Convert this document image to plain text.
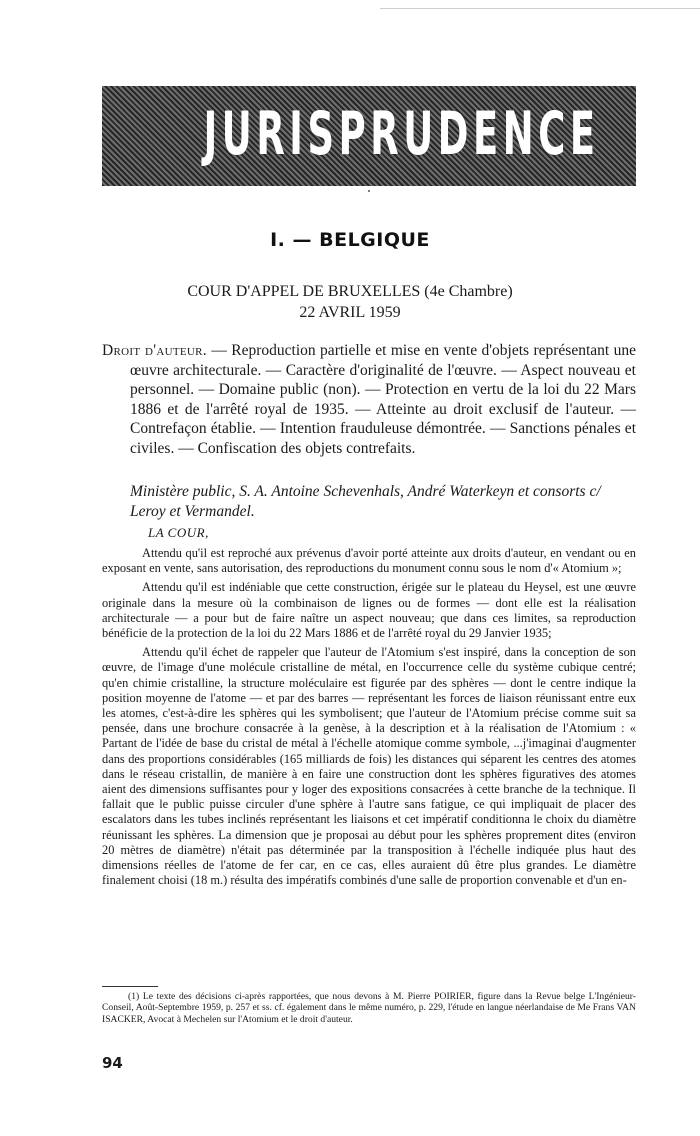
JURISPRUDENCE
I. — BELGIQUE
COUR D'APPEL DE BRUXELLES (4e Chambre)
22 AVRIL 1959

Droit d'auteur. — Reproduction partielle et mise en vente d'objets représentant une œuvre architecturale. — Caractère d'originalité de l'œuvre. — Aspect nouveau et personnel. — Domaine public (non). — Protection en vertu de la loi du 22 Mars 1886 et de l'arrêté royal de 1935. — Atteinte au droit exclusif de l'auteur. — Contrefaçon établie. — Intention frauduleuse démontrée. — Sanctions pénales et civiles. — Confiscation des objets contrefaits.

Ministère public, S. A. Antoine Schevenhals, André Waterkeyn et consorts c/ Leroy et Vermandel.

LA COUR,

Attendu qu'il est reproché aux prévenus d'avoir porté atteinte aux droits d'auteur, en vendant ou en exposant en vente, sans autorisation, des reproductions du monument connu sous le nom d'« Atomium »;

Attendu qu'il est indéniable que cette construction, érigée sur le plateau du Heysel, est une œuvre originale dans la mesure où la combinaison de lignes ou de formes — dont elle est la réalisation architecturale — a pour but de faire naître un aspect nouveau; que dans ces limites, sa reproduction bénéficie de la protection de la loi du 22 Mars 1886 et de l'arrêté royal du 29 Janvier 1935;

Attendu qu'il échet de rappeler que l'auteur de l'Atomium s'est inspiré, dans la conception de son œuvre, de l'image d'une molécule cristalline de métal, en l'occurrence celle du système cubique centré; qu'en chimie cristalline, la structure moléculaire est figurée par des sphères — dont le centre indique la position moyenne de l'atome — et par des barres — représentant les forces de liaison réunissant entre eux les atomes, c'est-à-dire les sphères qui les symbolisent; que l'auteur de l'Atomium précise comme suit sa pensée, dans une brochure consacrée à la genèse, à la description et à la réalisation de l'Atomium : « Partant de l'idée de base du cristal de métal à l'échelle atomique comme symbole, ...j'imaginai d'augmenter dans des proportions considérables (165 milliards de fois) les distances qui séparent les centres des atomes dans le réseau cristallin, de manière à en faire une construction dont les sphères figuratives des atomes aient des dimensions suffisantes pour y loger des expositions consacrées à cette branche de la technique. Il fallait que le public puisse circuler d'une sphère à l'autre sans fatigue, ce qui impliquait de placer des escalators dans les tubes inclinés représentant les liaisons et cet impératif conditionna le choix du diamètre réunissant les sphères. La dimension que je proposai au début pour les sphères proprement dites (environ 20 mètres de diamètre) n'était pas déterminée par la transposition à l'échelle indiquée plus haut des dimensions réelles de l'atome de fer car, en ce cas, elles auraient dû être plus grandes. Le diamètre finalement choisi (18 m.) résulta des impératifs combinés d'une salle de proportion convenable et d'un en-

(1) Le texte des décisions ci-après rapportées, que nous devons à M. Pierre POIRIER, figure dans la Revue belge L'Ingénieur-Conseil, Août-Septembre 1959, p. 257 et ss. cf. également dans le même numéro, p. 229, l'étude en langue néerlandaise de Me Frans VAN ISACKER, Avocat à Mechelen sur l'Atomium et le droit d'auteur.

94
